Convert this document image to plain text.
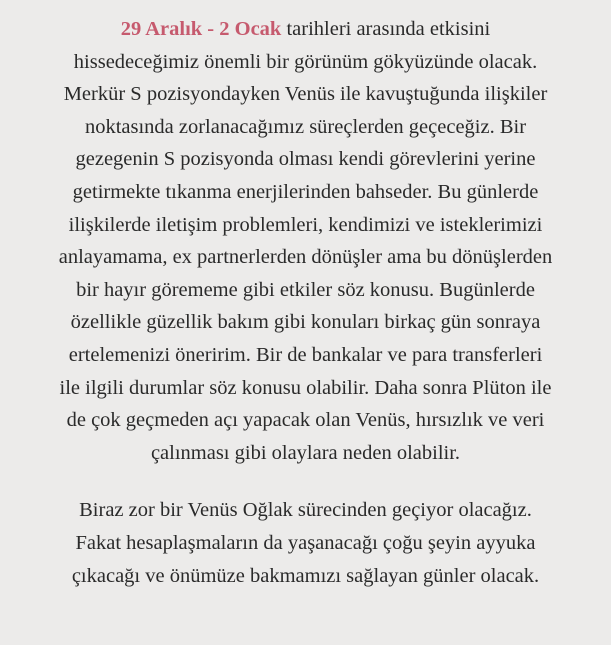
29 Aralık - 2 Ocak tarihleri arasında etkisini
hissedeceğimiz önemli bir görünüm gökyüzünde olacak.
Merkür S pozisyondayken Venüs ile kavuştuğunda ilişkiler
noktasında zorlanacağımız süreçlerden geçeceğiz. Bir
gezegenin S pozisyonda olması kendi görevlerini yerine
getirmekte tıkanma enerjilerinden bahseder. Bu günlerde
ilişkilerde iletişim problemleri, kendimizi ve isteklerimizi
anlayamama, ex partnerlerden dönüşler ama bu dönüşlerden
bir hayır görememe gibi etkiler söz konusu. Bugünlerde
özellikle güzellik bakım gibi konuları birkaç gün sonraya
ertelemenizi öneririm. Bir de bankalar ve para transferleri
ile ilgili durumlar söz konusu olabilir. Daha sonra Plüton ile
de çok geçmeden açı yapacak olan Venüs, hırsızlık ve veri
çalınması gibi olaylara neden olabilir.
Biraz zor bir Venüs Oğlak sürecinden geçiyor olacağız.
Fakat hesaplaşmaların da yaşanacağı çoğu şeyin ayyuka
çıkacağı ve önümüze bakmamızı sağlayan günler olacak.
